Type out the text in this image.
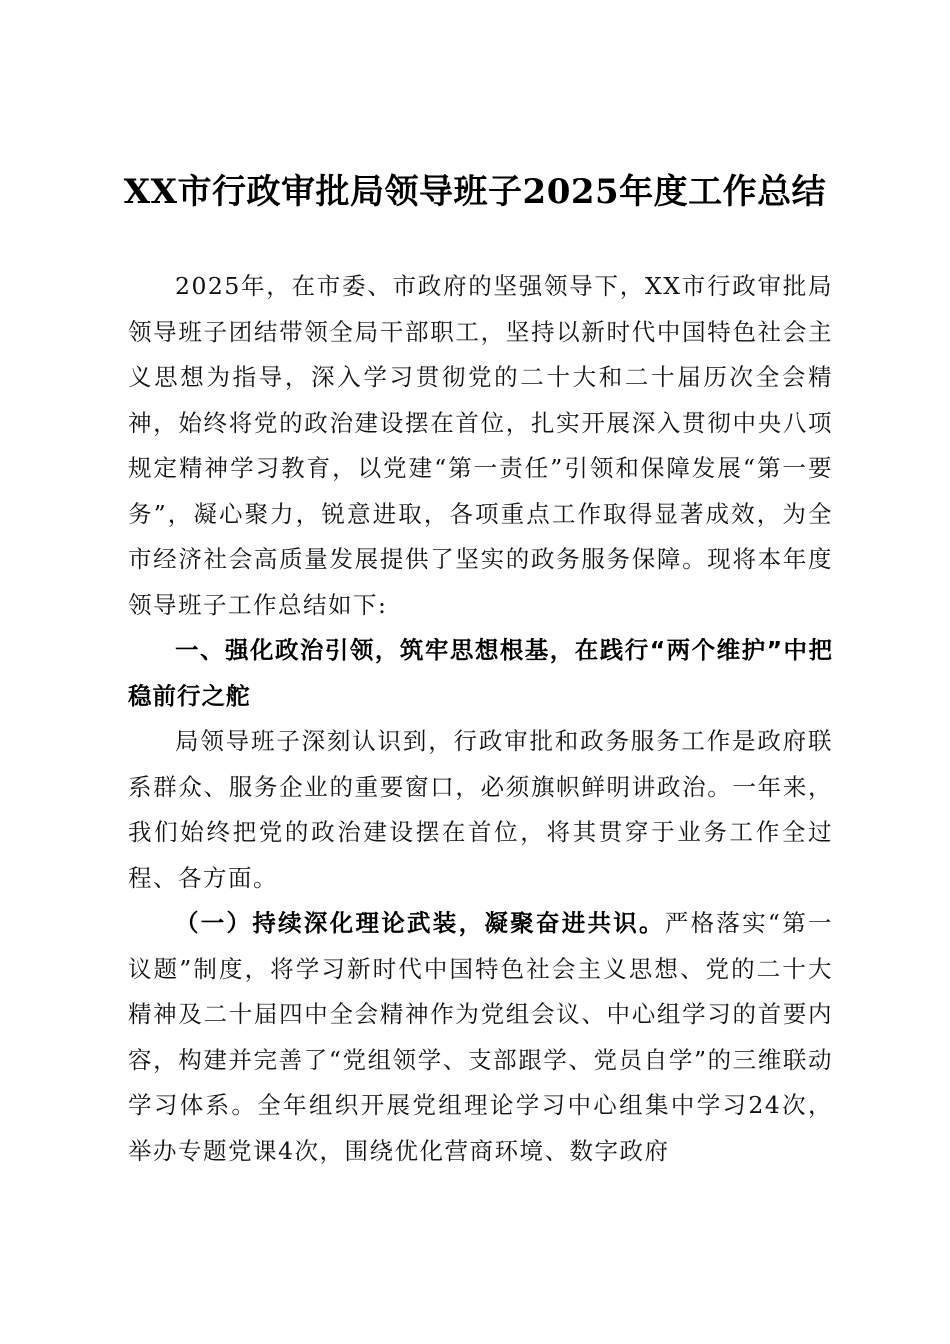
XX市行政审批局领导班子2025年度工作总结

2025年，在市委、市政府的坚强领导下，XX市行政审批局领导班子团结带领全局干部职工，坚持以新时代中国特色社会主义思想为指导，深入学习贯彻党的二十大和二十届历次全会精神，始终将党的政治建设摆在首位，扎实开展深入贯彻中央八项规定精神学习教育，以党建“第一责任”引领和保障发展“第一要务”，凝心聚力，锐意进取，各项重点工作取得显著成效，为全市经济社会高质量发展提供了坚实的政务服务保障。现将本年度领导班子工作总结如下:

一、强化政治引领，筑牢思想根基，在践行“两个维护”中把稳前行之舵

局领导班子深刻认识到，行政审批和政务服务工作是政府联系群众、服务企业的重要窗口，必须旗帜鲜明讲政治。一年来，我们始终把党的政治建设摆在首位，将其贯穿于业务工作全过程、各方面。

（一）持续深化理论武装，凝聚奋进共识。严格落实“第一议题”制度，将学习新时代中国特色社会主义思想、党的二十大精神及二十届四中全会精神作为党组会议、中心组学习的首要内容，构建并完善了“党组领学、支部跟学、党员自学”的三维联动学习体系。全年组织开展党组理论学习中心组集中学习24次，举办专题党课4次，围绕优化营商环境、数字政府
